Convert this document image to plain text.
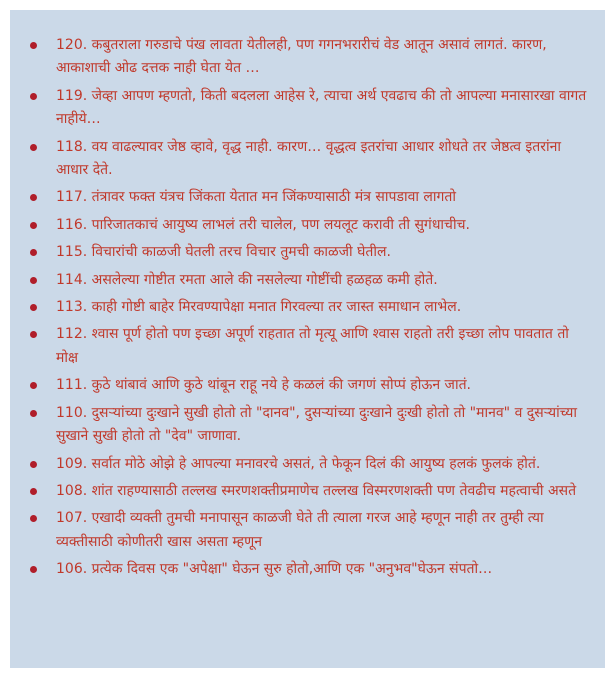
120. कबुतराला गरुडाचे पंख लावता येतीलही, पण गगनभरारीचं वेड आतून असावं लागतं. कारण, आकाशाची ओढ दत्तक नाही घेता येत …
119. जेव्हा आपण म्हणतो, किती बदलला आहेस रे, त्याचा अर्थ एवढाच की तो आपल्या मनासारखा वागत नाहीये…
118. वय वाढल्यावर जेष्ठ व्हावे, वृद्ध नाही. कारण… वृद्धत्व इतरांचा आधार शोधते तर जेष्ठत्व इतरांना आधार देते.
117. तंत्रावर फक्त यंत्रच जिंकता येतात मन जिंकण्यासाठी मंत्र सापडावा लागतो
116. पारिजातकाचं आयुष्य लाभलं तरी चालेल, पण लयलूट करावी ती सुगंधाचीच.
115. विचारांची काळजी घेतली तरच विचार तुमची काळजी घेतील.
114. असलेल्या गोष्टीत रमता आले की नसलेल्या गोष्टींची हळहळ कमी होते.
113. काही गोष्टी बाहेर मिरवण्यापेक्षा मनात गिरवल्या तर जास्त समाधान लाभेल.
112. श्वास पूर्ण होतो पण इच्छा अपूर्ण राहतात तो मृत्यू आणि श्वास राहतो तरी इच्छा लोप पावतात तो मोक्ष
111. कुठे थांबावं आणि कुठे थांबून राहू नये हे कळलं की जगणं सोप्पं होऊन जातं.
110. दुसऱ्यांच्या दुःखाने सुखी होतो तो "दानव", दुसऱ्यांच्या दुःखाने दुःखी होतो तो "मानव" व दुसऱ्यांच्या सुखाने सुखी होतो तो "देव" जाणावा.
109. सर्वात मोठे ओझे हे आपल्या मनावरचे असतं, ते फेकून दिलं की आयुष्य हलकं फुलकं होतं.
108. शांत राहण्यासाठी तल्लख स्मरणशक्तीप्रमाणेच तल्लख विस्मरणशक्ती पण तेवढीच महत्वाची असते
107. एखादी व्यक्ती तुमची मनापासून काळजी घेते ती त्याला गरज आहे म्हणून नाही तर तुम्ही त्या व्यक्तीसाठी कोणीतरी खास असता म्हणून
106. प्रत्येक दिवस एक "अपेक्षा" घेऊन सुरु होतो,आणि एक "अनुभव"घेऊन संपतो…
